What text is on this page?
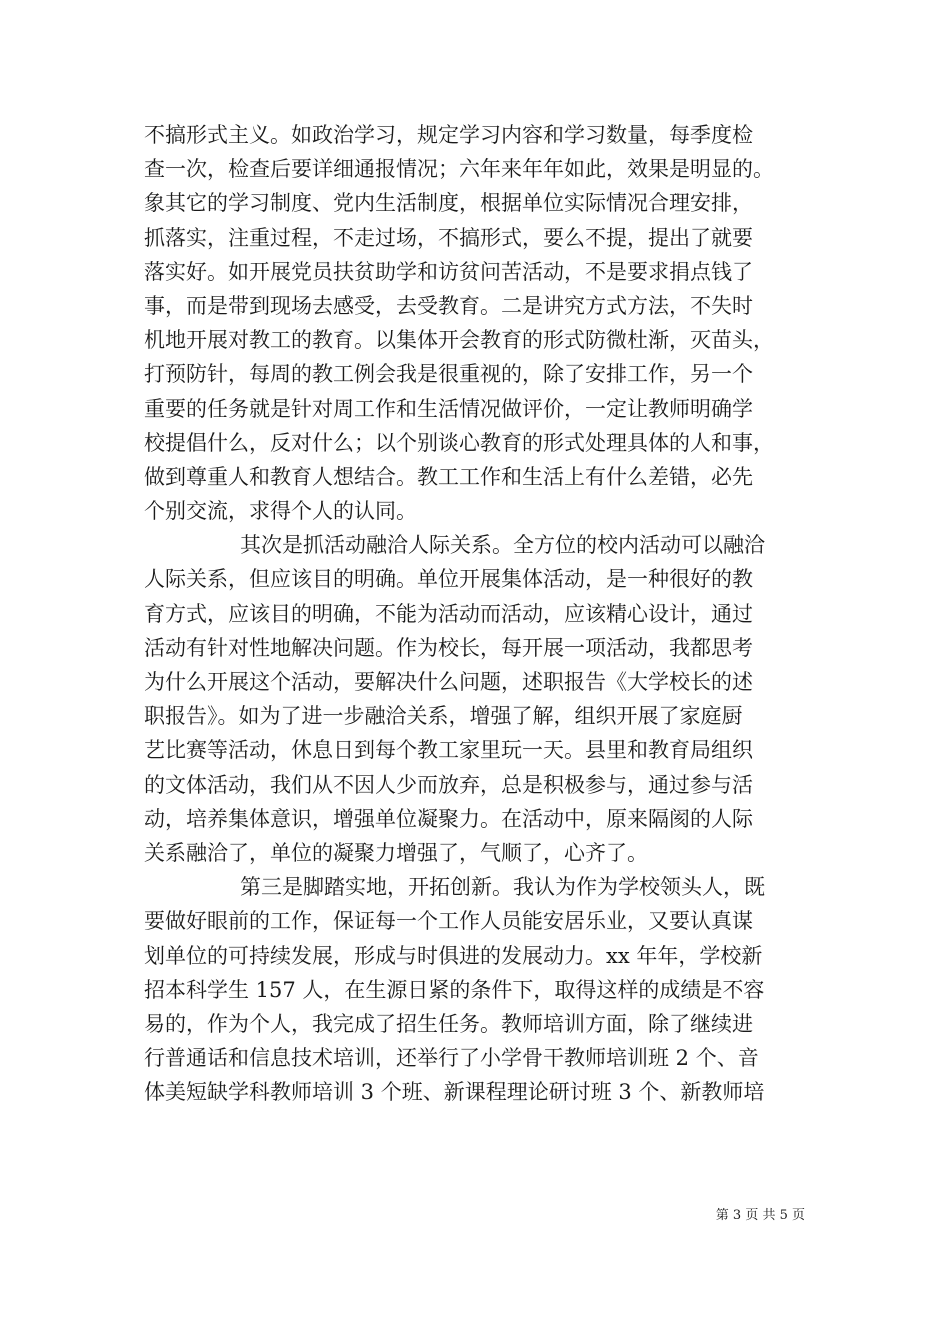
不搞形式主义。如政治学习，规定学习内容和学习数量，每季度检
查一次，检查后要详细通报情况；六年来年年如此，效果是明显的。
象其它的学习制度、党内生活制度，根据单位实际情况合理安排，
抓落实，注重过程，不走过场，不搞形式，要么不提，提出了就要
落实好。如开展党员扶贫助学和访贫问苦活动，不是要求捐点钱了
事，而是带到现场去感受，去受教育。二是讲究方式方法，不失时
机地开展对教工的教育。以集体开会教育的形式防微杜渐，灭苗头，
打预防针，每周的教工例会我是很重视的，除了安排工作，另一个
重要的任务就是针对周工作和生活情况做评价，一定让教师明确学
校提倡什么，反对什么；以个别谈心教育的形式处理具体的人和事，
做到尊重人和教育人想结合。教工工作和生活上有什么差错，必先
个别交流，求得个人的认同。
其次是抓活动融洽人际关系。全方位的校内活动可以融洽
人际关系，但应该目的明确。单位开展集体活动，是一种很好的教
育方式，应该目的明确，不能为活动而活动，应该精心设计，通过
活动有针对性地解决问题。作为校长，每开展一项活动，我都思考
为什么开展这个活动，要解决什么问题，述职报告《大学校长的述
职报告》。如为了进一步融洽关系，增强了解，组织开展了家庭厨
艺比赛等活动，休息日到每个教工家里玩一天。县里和教育局组织
的文体活动，我们从不因人少而放弃，总是积极参与，通过参与活
动，培养集体意识，增强单位凝聚力。在活动中，原来隔阂的人际
关系融洽了，单位的凝聚力增强了，气顺了，心齐了。
第三是脚踏实地，开拓创新。我认为作为学校领头人，既
要做好眼前的工作，保证每一个工作人员能安居乐业，又要认真谋
划单位的可持续发展，形成与时俱进的发展动力。xx 年年，学校新
招本科学生 157 人，在生源日紧的条件下，取得这样的成绩是不容
易的，作为个人，我完成了招生任务。教师培训方面，除了继续进
行普通话和信息技术培训，还举行了小学骨干教师培训班 2 个、音
体美短缺学科教师培训 3 个班、新课程理论研讨班 3 个、新教师培
第 3 页 共 5 页
